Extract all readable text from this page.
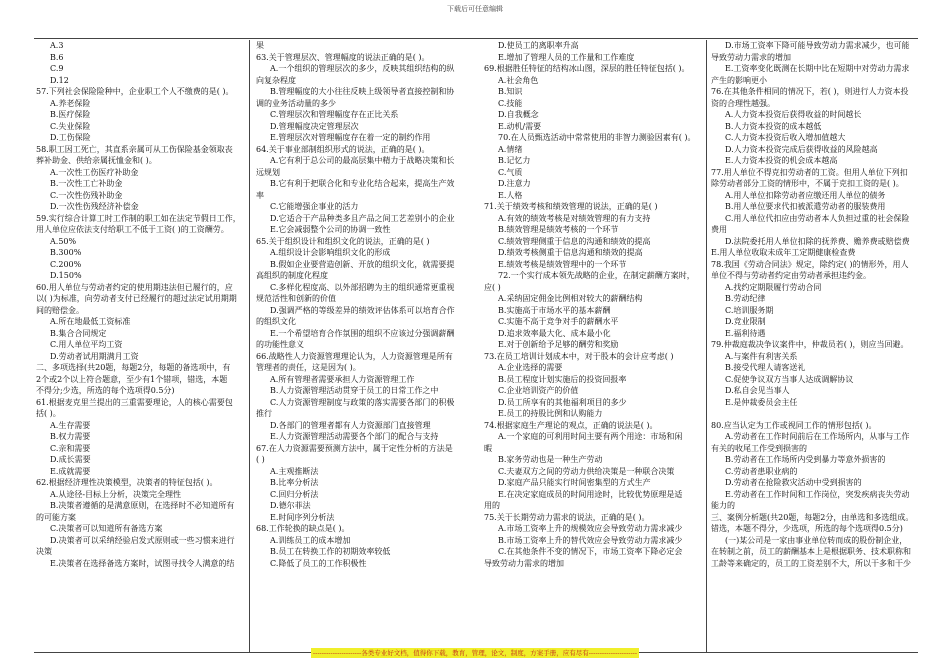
下载后可任意编辑
A.3
B.6
C.9
D.12
57.下列社会保险险种中，企业职工个人不缴费的是( )。
A.养老保险
B.医疗保险
C.失业保险
D.工伤保险
58.职工因工死亡，其直系亲属可从工伤保险基金领取丧
葬补助金、供给亲属抚恤金和( )。
A.一次性工伤医疗补助金
B.一次性工亡补助金
C.一次性伤残补助金
D.一次性伤残经济补偿金
59.实行综合计算工时工作制的职工如在法定节假日工作，
用人单位应依法支付给职工不低于工资( )的工资酬劳。
A.50%
B.300%
C.200%
D.150%
60.用人单位与劳动者约定的使用期违法但已履行的，应
以( )为标准，向劳动者支付已经履行的超过法定试用期期
间的赔偿金。
A.所在地最低工资标准
B.集合合同规定
C.用人单位平均工资
D.劳动者试用期满月工资
二、多项选择(共20题，每题2分，每题的备选项中，有
2个或2个以上符合题意，至少有1个错项，错选，本题
不得分;少选，所选的每个选项得0.5分)
61.根据麦克里兰提出的三重需要理论，人的核心需要包
括( )。
A.生存需要
B.权力需要
C.亲和需要
D.成长需要
E.成就需要
62.根据经济理性决策模型，决策者的特征包括( )。
A.从途径-目标上分析，决策完全理性
B.决策者遵循的是满意原则，在选择时不必知道所有
的可能方案
C.决策者可以知道所有备选方案
D.决策者可以采纳经验启发式原则或一些习惯来进行
决策
E.决策者在选择备选方案时，试图寻找令人满意的结
果
63.关于管理层次、管理幅度的说法正确的是( )。
A.一个组织的管理层次的多少，反映其组织结构的纵
向复杂程度
B.管理幅度的大小往往反映上级领导者直接控制和协
调的业务活动量的多少
C.管理层次和管理幅度存在正比关系
D.管理幅度决定管理层次
E.管理层次对管理幅度存在着一定的制约作用
64.关于事业部制组织形式的说法，正确的是( )。
A.它有利于总公司的最高层集中精力于战略决策和长
远规划
B.它有利于把联合化和专业化结合起来，提高生产效
率
C.它能增强企事业的活力
D.它适合于产品种类多且产品之间工艺差别小的企业
E.它会减弱整个公司的协调一致性
65.关于组织设计和组织文化的说法，正确的是( )
A.组织设计会影响组织文化的形成
B.假如企业要营造创新、开放的组织文化，就需要提
高组织的制度化程度
C.多样化程度高、以外部招聘为主的组织通常更重视
规范活性和创新的价值
D.强调严格的等级差异的绩效评估体系可以培育合作
的组织文化
E.一个希望培育合作氛围的组织不应该过分强调薪酬
的功能性意义
66.战略性人力资源管理理论认为，人力资源管理是所有
管理者的责任，这是因为( )。
A.所有管理者需要承担人力资源管理工作
B.人力资源管理活动贯穿于员工的日常工作之中
C.人力资源管理制度与政策的落实需要各部门的积极
推行
D.各部门的管理者都有人力资源部门直接管理
E.人力资源管理活动需要各个部门的配合与支持
67.在人力资源需要预测方法中，属于定性分析的方法是
( )
A.主观推断法
B.比率分析法
C.回归分析法
D.德尔菲法
E.时间序列分析法
68.工作轮换的缺点是( )。
A.训练员工的成本增加
B.员工在转换工作的初期效率较低
C.降低了员工的工作积极性
D.使员工的离职率升高
E.增加了管理人员的工作量和工作难度
69.根据胜任特征的结构冰山图，深层的胜任特征包括( )。
A.社会角色
B.知识
C.技能
D.自我概念
E.动机/需要
70.在人员甄选活动中常常使用的非智力测验因素有( )。
A.情绪
B.记忆力
C.气质
D.注意力
E.人格
71.关于绩效考核和绩效管理的说法，正确的是( )
A.有效的绩效考核是对绩效管理的有力支持
B.绩效管理是绩效考核的一个环节
C.绩效管理侧重于信息的沟通和绩效的提高
D.绩效考核侧重于信息沟通和绩效的提高
E.绩效考核是绩效管理中的一个环节
72.一个实行成本领先战略的企业，在制定薪酬方案时，
应( )
A.采纳固定佣金比例相对较大的薪酬结构
B.实施高于市场水平的基本薪酬
C.实施不高于竞争对手的薪酬水平
D.追求效率最大化、成本最小化
E.对于创新给予足够的酬劳和奖励
73.在员工培训计划成本中，对于股本的会计应考虑( )
A.企业选择的需要
B.员工程度计划实施后的投资回报率
C.企业培训资产的价值
D.员工所享有的其他福利项目的多少
E.员工的持股比例和认购能力
74.根据家庭生产理论的观点，正确的说法是( )。
A.一个家庭的可利用时间主要有两个用途：市场和闲
暇
B.家务劳动也是一种生产劳动
C.夫妻双方之间的劳动力供给决策是一种联合决策
D.家庭产品只能实行时间密集型的方式生产
E.在决定家庭成员的时间用途时，比较优势原理是适
用的
75.关于长期劳动力需求的说法，正确的是( )。
A.市场工资率上升的规模效应会导致劳动力需求减少
B.市场工资率上升的替代效应会导致劳动力需求减少
C.在其他条件不变的情况下，市场工资率下降必定会
导致劳动力需求的增加
D.市场工资率下降可能导致劳动力需求减少，也可能
导致劳动力需求的增加
E.工资率变化既测在长期中比在短期中对劳动力需求
产生的影响更小
76.在其他条件相同的情况下，若( )，则进行人力资本投
资的合理性越强。
A.人力资本投资后获得收益的时间越长
B.人力资本投资的成本越低
C.人力资本投资后收入增加值越大
D.人力资本投资完成后获得收益的风险越高
E.人力资本投资的机会成本越高
77.用人单位不得克扣劳动者的工资。但用人单位下列扣
除劳动者部分工资的情形中，不属于克扣工资的是( )。
A.用人单位扣除劳动者应缴还用人单位的债务
B.用人单位要求代扣被派遣劳动者的服装费用
C.用人单位代扣应由劳动者本人负担过重的社会保险
费用
D.法院委托用人单位扣除的抚养费、赡养费或赔偿费
E.用人单位收取未成年工定期健康检查费
78.我国《劳动合同法》规定，除约定( )的情形外，用人
单位不得与劳动者约定由劳动者承担违约金。
A.找约定期限履行劳动合同
B.劳动纪律
C.培训服务期
D.竞业限制
E.福利待遇
79.仲裁庭裁决争议案件中，仲裁员若( )，则应当回避。
A.与案件有利害关系
B.接受代理人请客送礼
C.促使争议双方当事人达成调解协议
D.私自会见当事人
E.是仲裁委员会主任

80.应当认定为工作或视同工作的情形包括( )。
A.劳动者在工作时间前后在工作场所内，从事与工作
有关的收尾工作受到损害的
B.劳动者在工作场所内受到暴力等意外损害的
C.劳动者患职业病的
D.劳动者在抢险救灾活动中受到损害的
E.劳动者在工作时间和工作岗位，突发疾病丧失劳动
能力的
三、案例分析题(共20题，每题2分，由单选和多选组成。
错选，本题不得分，少选项，所选的每个选项得0.5分)
(一)某公司是一家由事业单位转而成的股份制企业，
在转制之前，员工的薪酬基本上是根据职务、技术职称和
工龄等来确定的，员工的工资差别不大，所以干多和干少
----------------------各类专业好文档，值得你下载，教育，管理，论文，制度，方案手册，应有尽有----------------------
